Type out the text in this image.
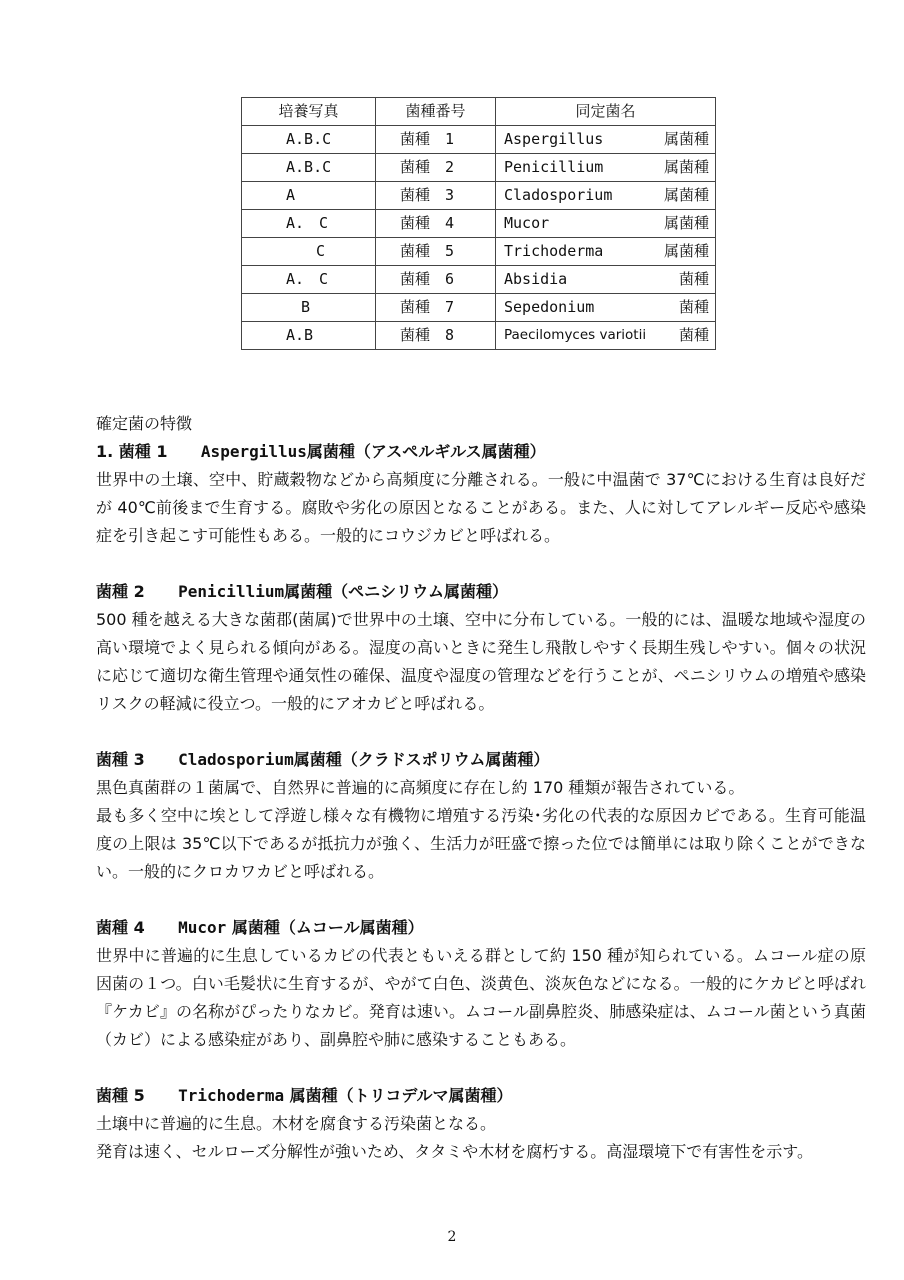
培養写真	菌種番号	同定菌名
A.B.C	菌種　1	Aspergillus 属菌種

A.B.C	菌種　2	Penicillium 属菌種

A	菌種　3	Cladosporium 属菌種

A.　C	菌種　4	Mucor 属菌種

　　C	菌種　5	Trichoderma 属菌種

A.　C	菌種　6	Absidia 菌種

　B	菌種　7	Sepedonium 菌種

A.B	菌種　8	Paecilomyces variotii 菌種

確定菌の特徴

1. 菌種 1 Aspergillus属菌種（アスペルギルス属菌種）

世界中の土壌、空中、貯蔵穀物などから高頻度に分離される。一般に中温菌で 37℃における生育は良好だが 40℃前後まで生育する。腐敗や劣化の原因となることがある。また、人に対してアレルギー反応や感染症を引き起こす可能性もある。一般的にコウジカビと呼ばれる。

菌種 2 Penicillium属菌種（ペニシリウム属菌種）

500 種を越える大きな菌郡(菌属)で世界中の土壌、空中に分布している。一般的には、温暖な地域や湿度の高い環境でよく見られる傾向がある。湿度の高いときに発生し飛散しやすく長期生残しやすい。個々の状況に応じて適切な衛生管理や通気性の確保、温度や湿度の管理などを行うことが、ペニシリウムの増殖や感染リスクの軽減に役立つ。一般的にアオカビと呼ばれる。

菌種 3 Cladosporium属菌種（クラドスポリウム属菌種）

黒色真菌群の１菌属で、自然界に普遍的に高頻度に存在し約 170 種類が報告されている。
最も多く空中に埃として浮遊し様々な有機物に増殖する汚染･劣化の代表的な原因カビである。生育可能温度の上限は 35℃以下であるが抵抗力が強く、生活力が旺盛で擦った位では簡単には取り除くことができない。一般的にクロカワカビと呼ばれる。

菌種 4 Mucor 属菌種（ムコール属菌種）

世界中に普遍的に生息しているカビの代表ともいえる群として約 150 種が知られている。ムコール症の原因菌の１つ。白い毛髪状に生育するが、やがて白色、淡黄色、淡灰色などになる。一般的にケカビと呼ばれ『ケカビ』の名称がぴったりなカビ。発育は速い。ムコール副鼻腔炎、肺感染症は、ムコール菌という真菌（カビ）による感染症があり、副鼻腔や肺に感染することもある。

菌種 5 Trichoderma 属菌種（トリコデルマ属菌種）

土壌中に普遍的に生息。木材を腐食する汚染菌となる。
発育は速く、セルローズ分解性が強いため、タタミや木材を腐朽する。高湿環境下で有害性を示す。

2
